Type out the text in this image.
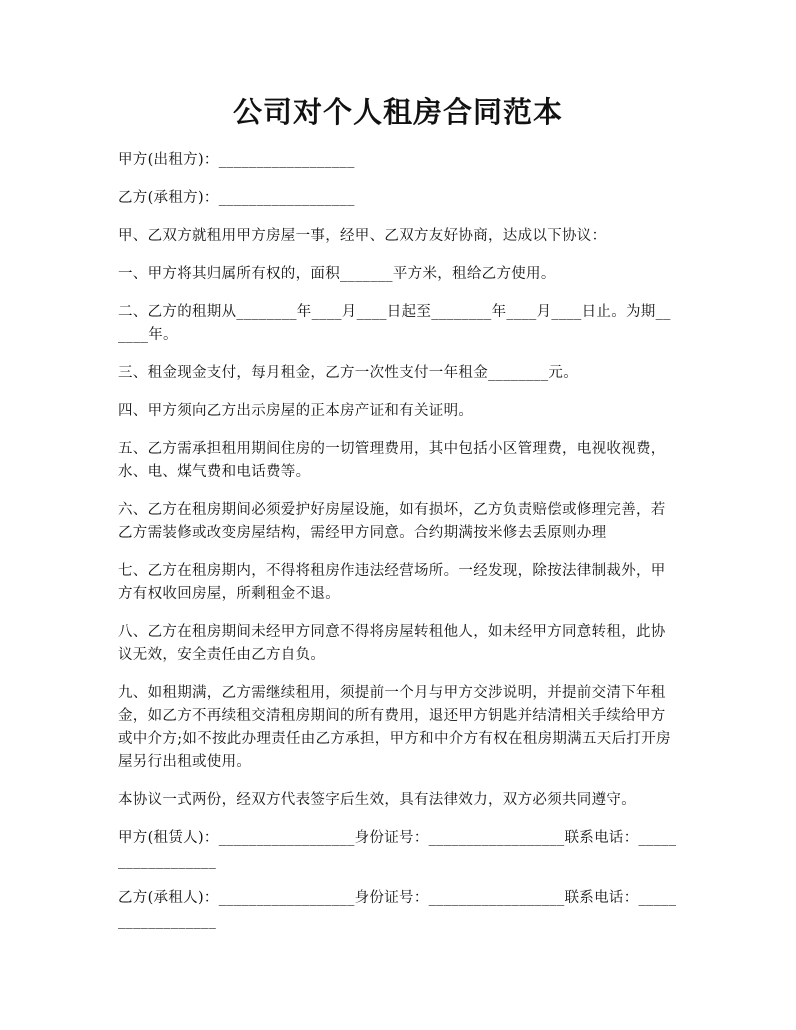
公司对个人租房合同范本

甲方(出租方)：__________________

乙方(承租方)：__________________

甲、乙双方就租用甲方房屋一事，经甲、乙双方友好协商，达成以下协议：

一、甲方将其归属所有权的，面积_______平方米，租给乙方使用。

二、乙方的租期从________年____月____日起至________年____月____日止。为期______年。

三、租金现金支付，每月租金，乙方一次性支付一年租金________元。

四、甲方须向乙方出示房屋的正本房产证和有关证明。

五、乙方需承担租用期间住房的一切管理费用，其中包括小区管理费，电视收视费，水、电、煤气费和电话费等。

六、乙方在租房期间必须爱护好房屋设施，如有损坏，乙方负责赔偿或修理完善，若乙方需装修或改变房屋结构，需经甲方同意。合约期满按米修去丢原则办理

七、乙方在租房期内，不得将租房作违法经营场所。一经发现，除按法律制裁外，甲方有权收回房屋，所剩租金不退。

八、乙方在租房期间未经甲方同意不得将房屋转租他人，如未经甲方同意转租，此协议无效，安全责任由乙方自负。

九、如租期满，乙方需继续租用，须提前一个月与甲方交涉说明，并提前交清下年租金，如乙方不再续租交清租房期间的所有费用，退还甲方钥匙并结清相关手续给甲方或中介方;如不按此办理责任由乙方承担，甲方和中介方有权在租房期满五天后打开房屋另行出租或使用。

本协议一式两份，经双方代表签字后生效，具有法律效力，双方必须共同遵守。

甲方(租赁人)：__________________身份证号：__________________联系电话：__________________

乙方(承租人)：__________________身份证号：__________________联系电话：__________________
